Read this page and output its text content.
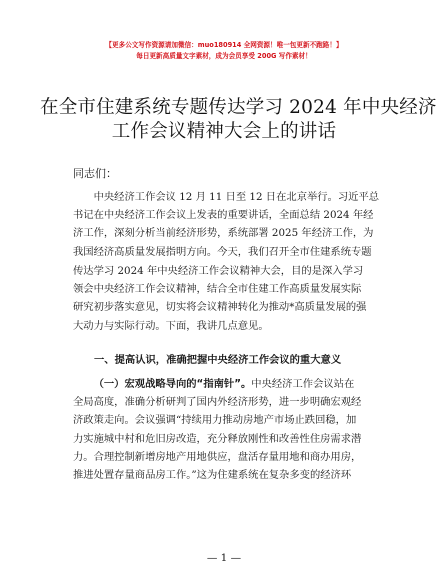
【更多公文写作资源请加微信：muo180914 全网资源！唯一包更新不跑路！】
每日更新高质量文字素材，成为会员享受 200G 写作素材！
在全市住建系统专题传达学习 2024 年中央经济
工作会议精神大会上的讲话
同志们：
中央经济工作会议 12 月 11 日至 12 日在北京举行。习近平总
书记在中央经济工作会议上发表的重要讲话，全面总结 2024 年经
济工作，深刻分析当前经济形势，系统部署 2025 年经济工作，为
我国经济高质量发展指明方向。今天，我们召开全市住建系统专题
传达学习 2024 年中央经济工作会议精神大会，目的是深入学习
领会中央经济工作会议精神，结合全市住建工作高质量发展实际
研究初步落实意见，切实将会议精神转化为推动*高质量发展的强
大动力与实际行动。下面，我讲几点意见。
一、提高认识，准确把握中央经济工作会议的重大意义
（一）宏观战略导向的“指南针”。中央经济工作会议站在
全局高度，准确分析研判了国内外经济形势，进一步明确宏观经
济政策走向。会议强调“持续用力推动房地产市场止跌回稳，加
力实施城中村和危旧房改造，充分释放刚性和改善性住房需求潜
力。合理控制新增房地产用地供应，盘活存量用地和商办用房，
推进处置存量商品房工作。”这为住建系统在复杂多变的经济环
— 1 —
